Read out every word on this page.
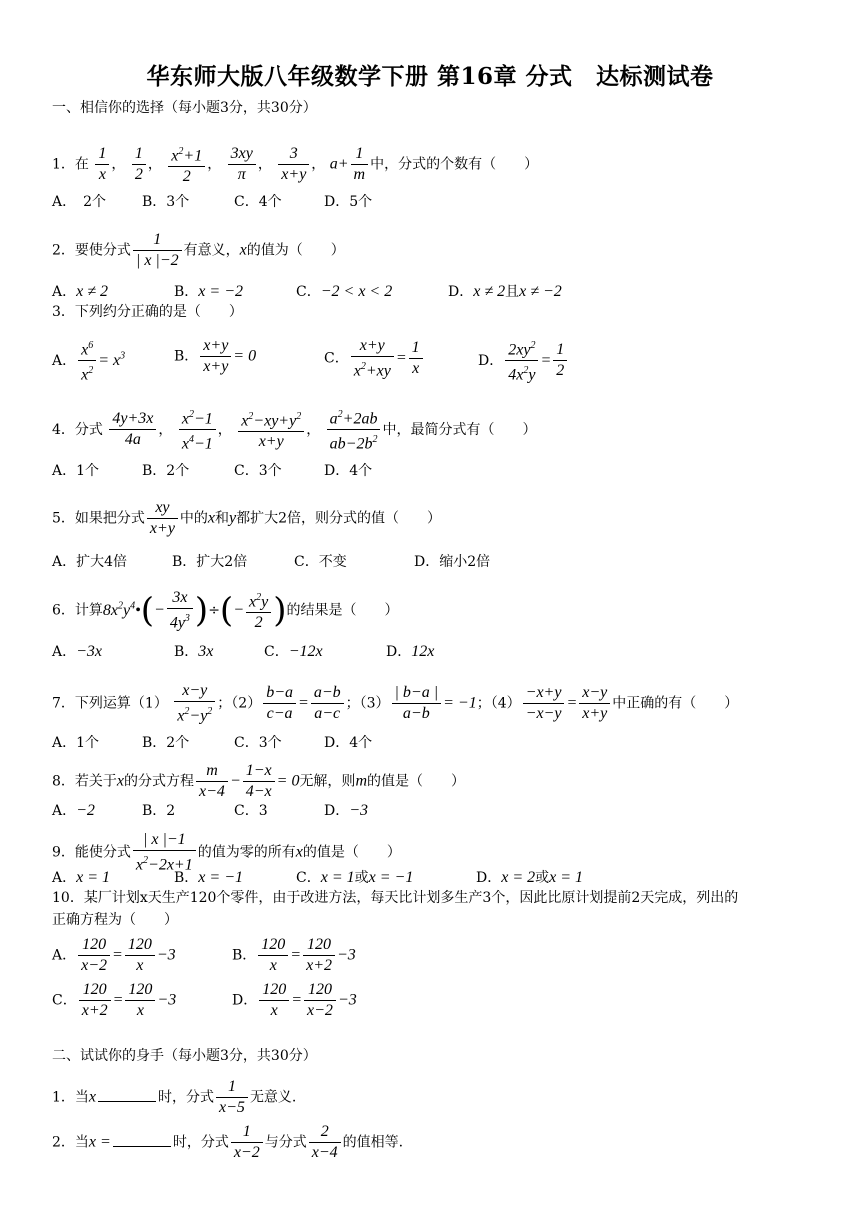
华东师大版八年级数学下册 第16章 分式　达标测试卷
一、相信你的选择（每小题3分，共30分）
1．在 $\frac{1}{x}$ ， $\frac{1}{2}$ ， $\frac{x^2+1}{2}$ ， $\frac{3xy}{\pi}$ ， $\frac{3}{x+y}$ ， $a+ \frac{1}{m}$ 中，分式的个数有（　　）
A．　2个	B．3个	C．4个	D．5个
2．要使分式 $\frac{1}{| x |-2}$ 有意义，x的值为（　　）
A．x ≠ 2	B．x = −2	C．−2 < x < 2	D．x ≠ 2且x ≠ −2
3．下列约分正确的是（　　）
A． $\frac{x^6}{x^2} = x^3$	B． $\frac{x+y}{x+y} = 0$	C． $\frac{x+y}{x^2+xy} = \frac{1}{x}$	D． $\frac{2xy^2}{4x^2y} = \frac{1}{2}$
4．分式 $\frac{4y+3x}{4a}$ ， $\frac{x^2-1}{x^4-1}$ ， $\frac{x^2-xy+y^2}{x+y}$ ， $\frac{a^2+2ab}{ab-2b^2}$ 中，最简分式有（　　）
A．1个	B．2个	C．3个	D．4个
5．如果把分式 $\frac{xy}{x+y}$ 中的x和y都扩大2倍，则分式的值（　　）
A．扩大4倍	B．扩大2倍	C．不变	D．缩小2倍
6．计算$8x^2y^4•(- \frac{3x}{4y^3}$ )÷(− $\frac{x^2y}{2}$ )的结果是（　　）
A．−3x	B．3x	C．−12x	D．12x
7．下列运算$(1) \frac{x-y}{x^2-y^2}$ ；$(2) \frac{b-a}{c-a} = \frac{a-b}{a-c}$ ；$(3) \frac{| b-a |}{a-b} = -1$；$(4) \frac{-x+y}{-x-y} = \frac{x-y}{x+y}$ 中正确的有（　　）
A．1个	B．2个	C．3个	D．4个
8．若关于x的分式方程 $\frac{m}{x-4} - \frac{1-x}{4-x} = 0$无解，则m的值是（　　）
A．−2	B．2	C．3	D．−3
9．能使分式 $\frac{| x |-1}{x^2-2x+1}$ 的值为零的所有x的值是（　　）
A．x = 1	B．x = −1	C．x = 1或x = −1	D．x = 2或x = 1
10．某厂计划x天生产120个零件，由于改进方法，每天比计划多生产3个，因此比原计划提前2天完成，列出的
正确方程为（　　）
A． $\frac{120}{x-2} = \frac{120}{x} -3$	B． $\frac{120}{x} = \frac{120}{x+2} -3$
C． $\frac{120}{x+2} = \frac{120}{x} -3$	D． $\frac{120}{x} = \frac{120}{x-2} -3$
二、试试你的身手（每小题3分，共30分）
1．当x	时，分式 $\frac{1}{x-5}$ 无意义.
2．当x =	时，分式 $\frac{1}{x-2}$ 与分式 $\frac{2}{x-4}$ 的值相等.
